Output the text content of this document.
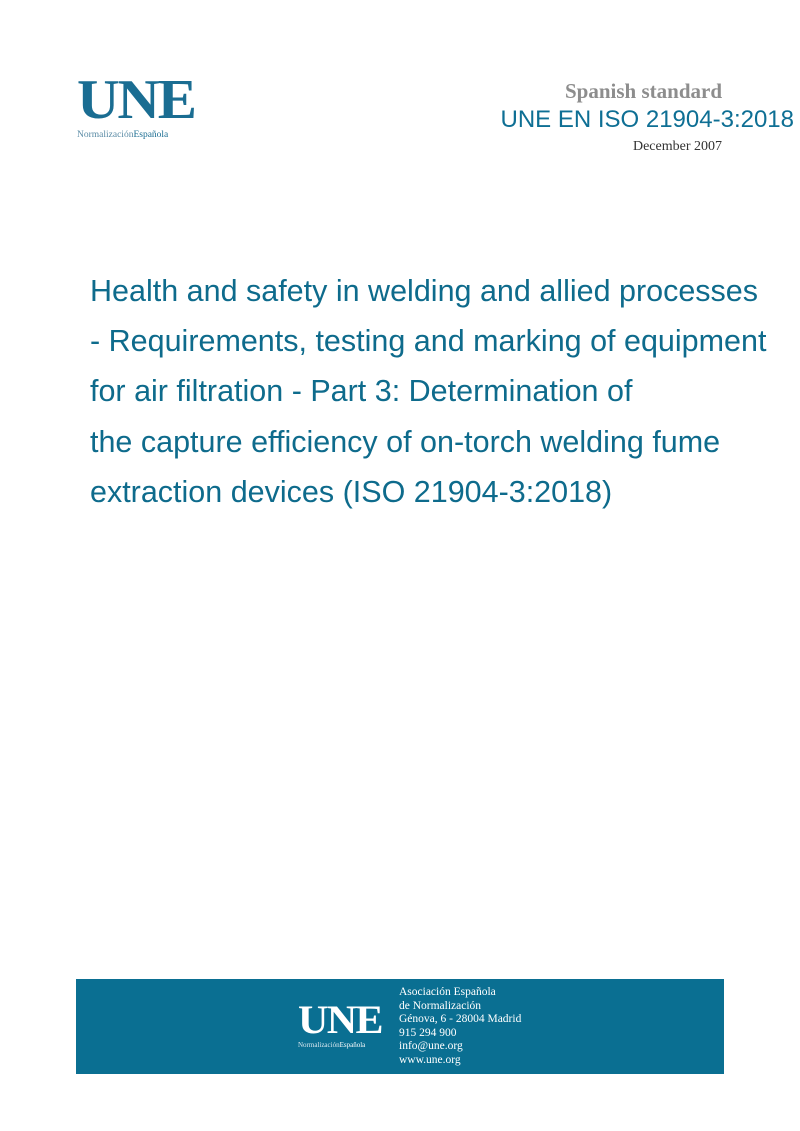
UNE
NormalizaciónEspañola
Spanish standard
UNE EN ISO 21904-3:2018
December 2007
Health and safety in welding and allied processes
- Requirements, testing and marking of equipment
for air filtration - Part 3: Determination of
the capture efficiency of on-torch welding fume
extraction devices (ISO 21904-3:2018)
UNE
NormalizaciónEspañola
Asociación Española
de Normalización
Génova, 6 - 28004 Madrid
915 294 900
info@une.org
www.une.org
